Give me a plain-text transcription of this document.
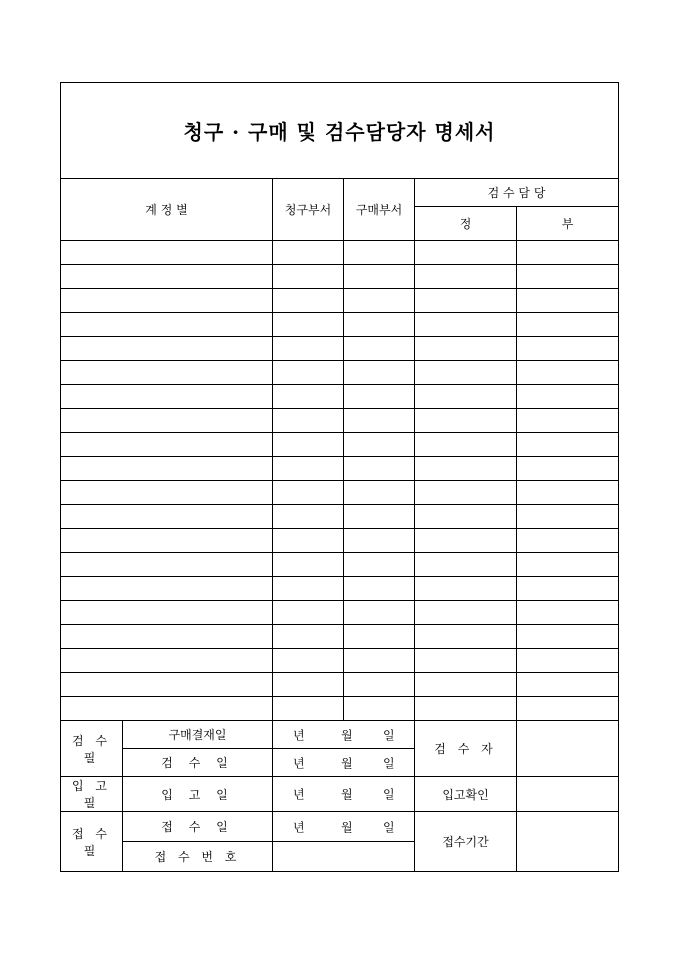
청구 · 구매 및 검수담당자 명세서					
계 정 별		청구부서	구매부서	검 수 담 당	
				정	부

검 수 필	구매결재일	년 월 일		검 수 자	
	검 수 일	년 월 일			

입 고 필	입 고 일	년 월 일		입고확인	
접 수 필	접 수 일	년 월 일		접수기간	
	접 수 번 호				
